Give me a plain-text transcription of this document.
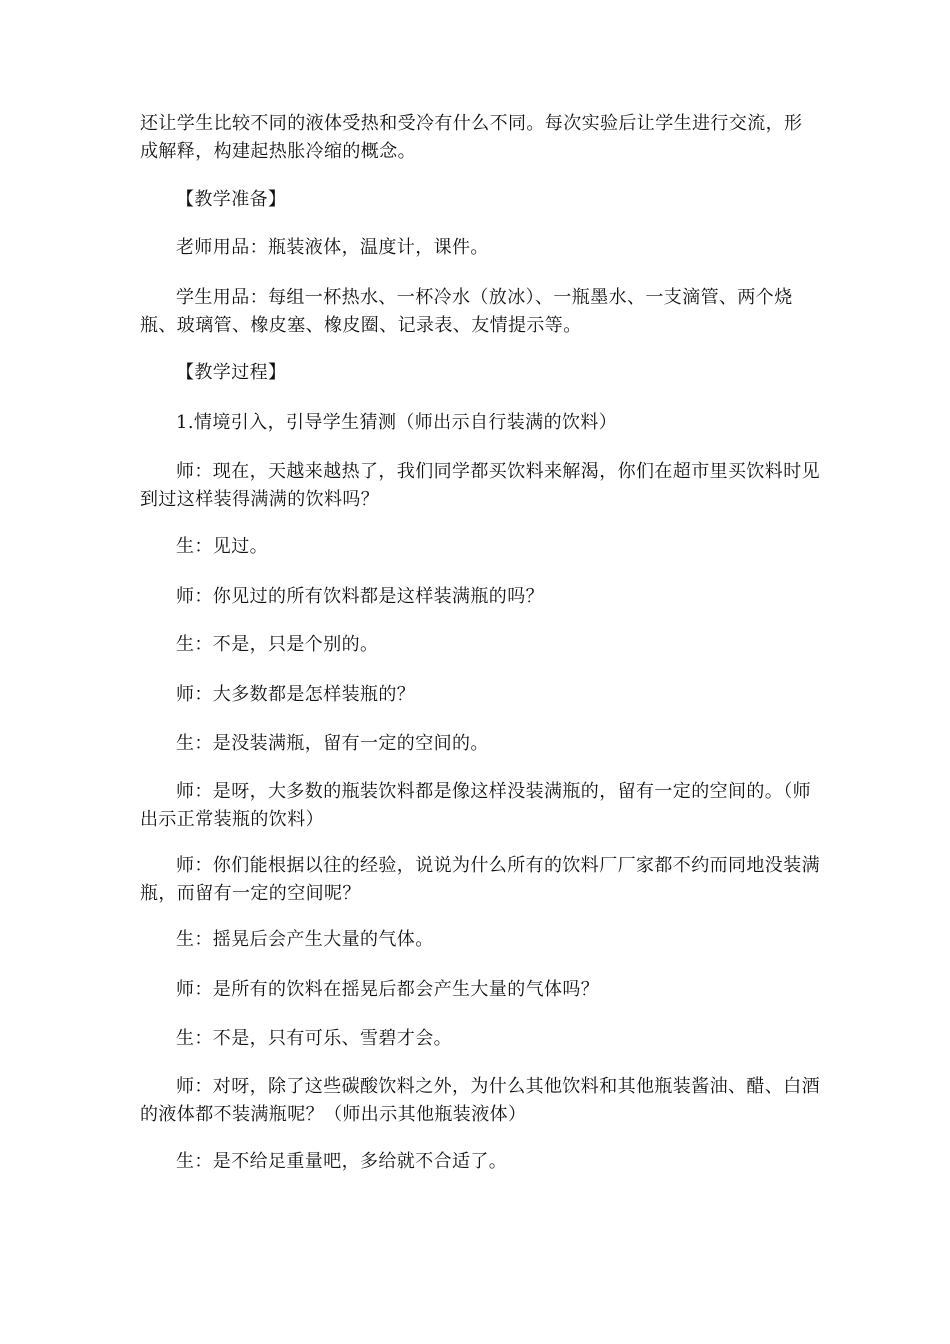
还让学生比较不同的液体受热和受冷有什么不同。每次实验后让学生进行交流，形成解释，构建起热胀冷缩的概念。

【教学准备】

老师用品：瓶装液体，温度计，课件。

学生用品：每组一杯热水、一杯冷水（放冰）、一瓶墨水、一支滴管、两个烧瓶、玻璃管、橡皮塞、橡皮圈、记录表、友情提示等。

【教学过程】

1.情境引入，引导学生猜测（师出示自行装满的饮料）

师：现在，天越来越热了，我们同学都买饮料来解渴，你们在超市里买饮料时见到过这样装得满满的饮料吗？

生：见过。

师：你见过的所有饮料都是这样装满瓶的吗？

生：不是，只是个别的。

师：大多数都是怎样装瓶的？

生：是没装满瓶，留有一定的空间的。

师：是呀，大多数的瓶装饮料都是像这样没装满瓶的，留有一定的空间的。（师出示正常装瓶的饮料）

师：你们能根据以往的经验，说说为什么所有的饮料厂厂家都不约而同地没装满瓶，而留有一定的空间呢？

生：摇晃后会产生大量的气体。

师：是所有的饮料在摇晃后都会产生大量的气体吗？

生：不是，只有可乐、雪碧才会。

师：对呀，除了这些碳酸饮料之外，为什么其他饮料和其他瓶装酱油、醋、白酒的液体都不装满瓶呢？（师出示其他瓶装液体）

生：是不给足重量吧，多给就不合适了。
